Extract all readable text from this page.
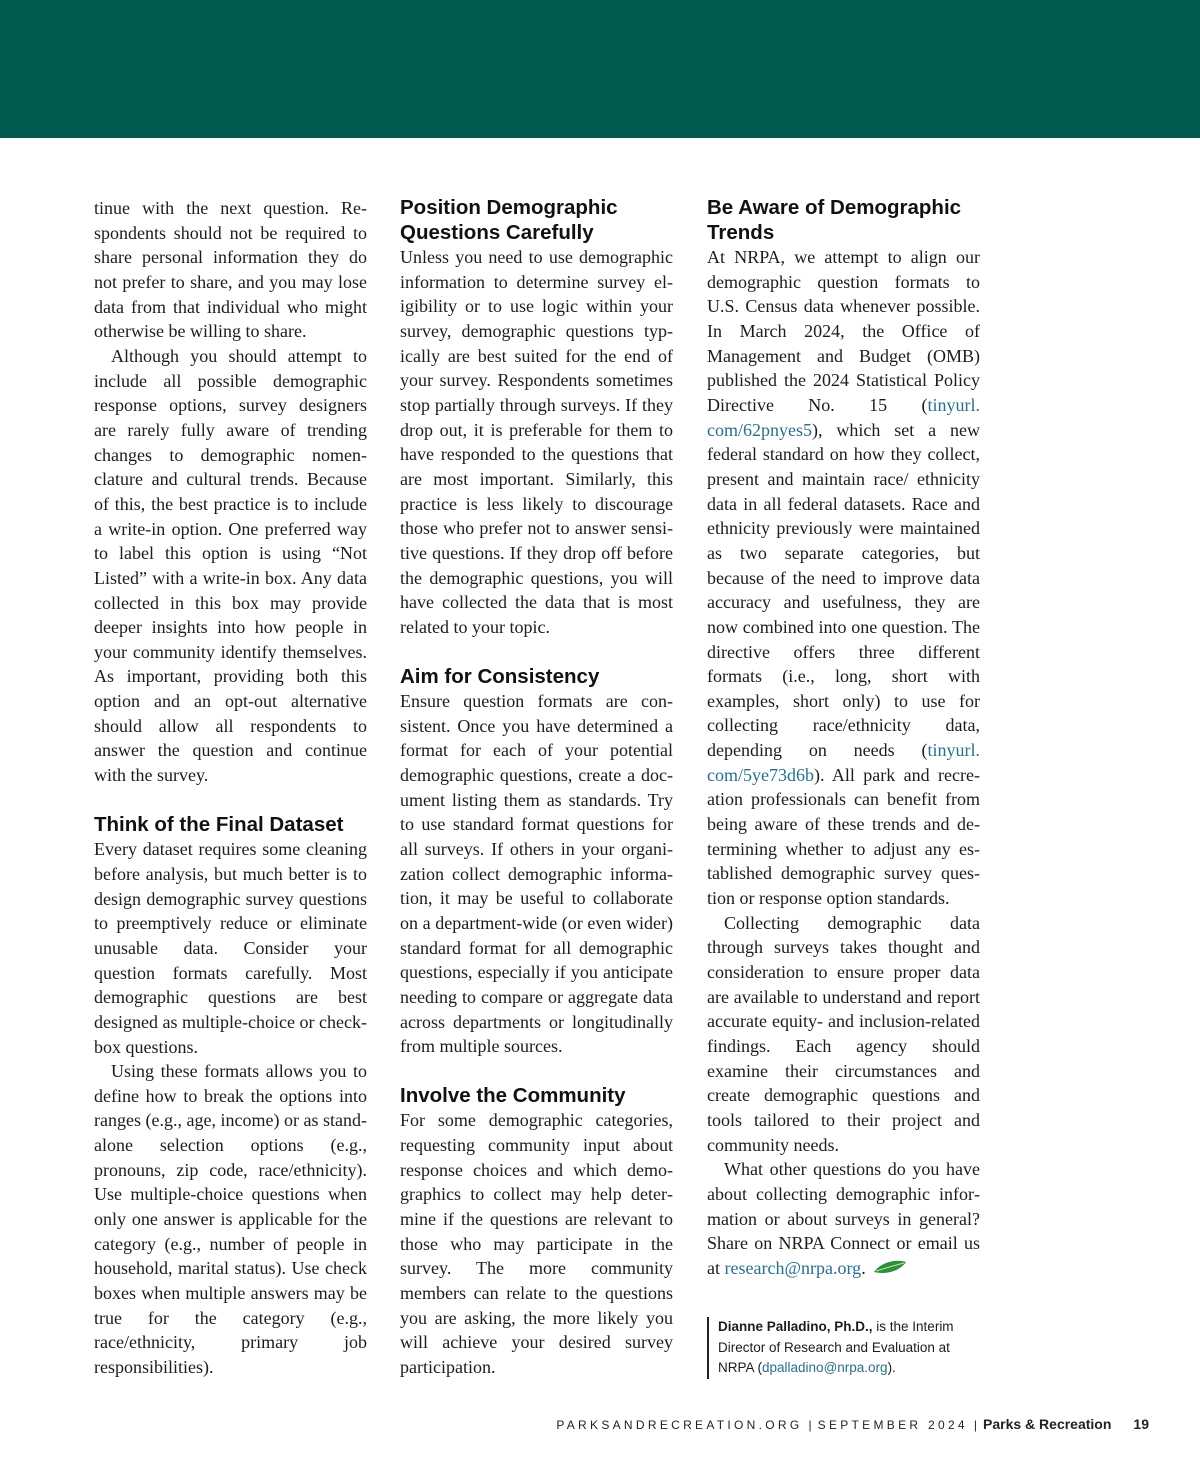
tinue with the next question. Respondents should not be required to share personal information they do not prefer to share, and you may lose data from that individual who might otherwise be willing to share.

Although you should attempt to include all possible demographic response options, survey designers are rarely fully aware of trending changes to demographic nomenclature and cultural trends. Because of this, the best practice is to include a write-in option. One preferred way to label this option is using “Not Listed” with a write-in box. Any data collected in this box may provide deeper insights into how people in your community identify themselves. As important, providing both this option and an opt-out alternative should allow all respondents to answer the question and continue with the survey.

Think of the Final Dataset

Every dataset requires some cleaning before analysis, but much better is to design demographic survey questions to preemptively reduce or eliminate unusable data. Consider your question formats carefully. Most demographic questions are best designed as multiple-choice or check-box questions.

Using these formats allows you to define how to break the options into ranges (e.g., age, income) or as stand-alone selection options (e.g., pronouns, zip code, race/ethnicity). Use multiple-choice questions when only one answer is applicable for the category (e.g., number of people in household, marital status). Use check boxes when multiple answers may be true for the category (e.g., race/ethnicity, primary job responsibilities).

Position Demographic Questions Carefully

Unless you need to use demographic information to determine survey eligibility or to use logic within your survey, demographic questions typically are best suited for the end of your survey. Respondents sometimes stop partially through surveys. If they drop out, it is preferable for them to have responded to the questions that are most important. Similarly, this practice is less likely to discourage those who prefer not to answer sensitive questions. If they drop off before the demographic questions, you will have collected the data that is most related to your topic.

Aim for Consistency

Ensure question formats are consistent. Once you have determined a format for each of your potential demographic questions, create a document listing them as standards. Try to use standard format questions for all surveys. If others in your organization collect demographic information, it may be useful to collaborate on a department-wide (or even wider) standard format for all demographic questions, especially if you anticipate needing to compare or aggregate data across departments or longitudinally from multiple sources.

Involve the Community

For some demographic categories, requesting community input about response choices and which demographics to collect may help determine if the questions are relevant to those who may participate in the survey. The more community members can relate to the questions you are asking, the more likely you will achieve your desired survey participation.

Be Aware of Demographic Trends

At NRPA, we attempt to align our demographic question formats to U.S. Census data whenever possible. In March 2024, the Office of Management and Budget (OMB) published the 2024 Statistical Policy Directive No. 15 (tinyurl. com/62pnyes5), which set a new federal standard on how they collect, present and maintain race/ ethnicity data in all federal datasets. Race and ethnicity previously were maintained as two separate categories, but because of the need to improve data accuracy and usefulness, they are now combined into one question. The directive offers three different formats (i.e., long, short with examples, short only) to use for collecting race/ethnicity data, depending on needs (tinyurl. com/5ye73d6b). All park and recreation professionals can benefit from being aware of these trends and determining whether to adjust any established demographic survey question or response option standards.

Collecting demographic data through surveys takes thought and consideration to ensure proper data are available to understand and report accurate equity- and inclusion-related findings. Each agency should examine their circumstances and create demographic questions and tools tailored to their project and community needs.

What other questions do you have about collecting demographic information or about surveys in general? Share on NRPA Connect or email us at research@nrpa.org.

Dianne Palladino, Ph.D., is the Interim Director of Research and Evaluation at NRPA (dpalladino@nrpa.org).
PARKSANDRECREATION.ORG | SEPTEMBER 2024 | Parks & Recreation 19
